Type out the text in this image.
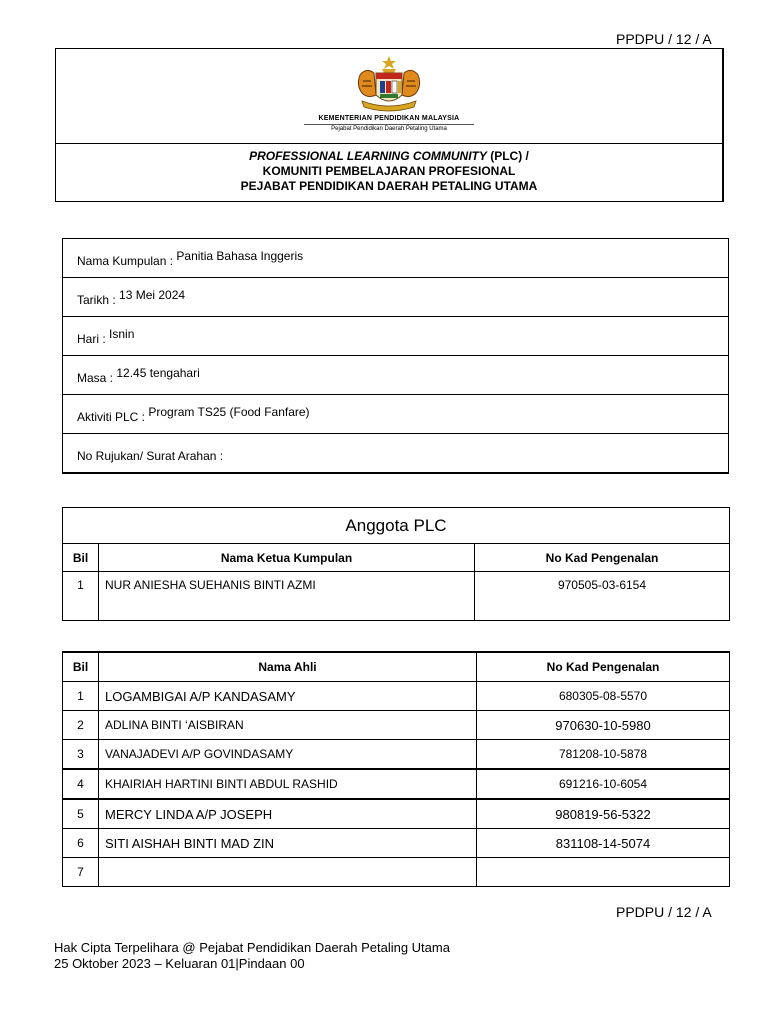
PPDPU / 12 / A
KEMENTERIAN PENDIDIKAN MALAYSIA
Pejabat Pendidikan Daerah Petaling Utama
PROFESSIONAL LEARNING COMMUNITY (PLC) /
KOMUNITI PEMBELAJARAN PROFESIONAL
PEJABAT PENDIDIKAN DAERAH PETALING UTAMA
Nama Kumpulan : Panitia Bahasa Inggeris
Tarikh : 13 Mei 2024
Hari : Isnin
Masa : 12.45 tengahari
Aktiviti PLC : Program TS25 (Food Fanfare)
No Rujukan/ Surat Arahan :
Anggota PLC		
Bil	Nama Ketua Kumpulan	No Kad Pengenalan
1	NUR ANIESHA SUEHANIS BINTI AZMI	970505-03-6154
Bil	Nama Ahli	No Kad Pengenalan
1	LOGAMBIGAI A/P KANDASAMY	680305-08-5570
2	ADLINA BINTI ‘AISBIRAN	970630-10-5980
3	VANAJADEVI A/P GOVINDASAMY	781208-10-5878
4	KHAIRIAH HARTINI BINTI ABDUL RASHID	691216-10-6054
5	MERCY LINDA A/P JOSEPH	980819-56-5322
6	SITI AISHAH BINTI MAD ZIN	831108-14-5074
7		
PPDPU / 12 / A
Hak Cipta Terpelihara @ Pejabat Pendidikan Daerah Petaling Utama
25 Oktober 2023 – Keluaran 01|Pindaan 00
